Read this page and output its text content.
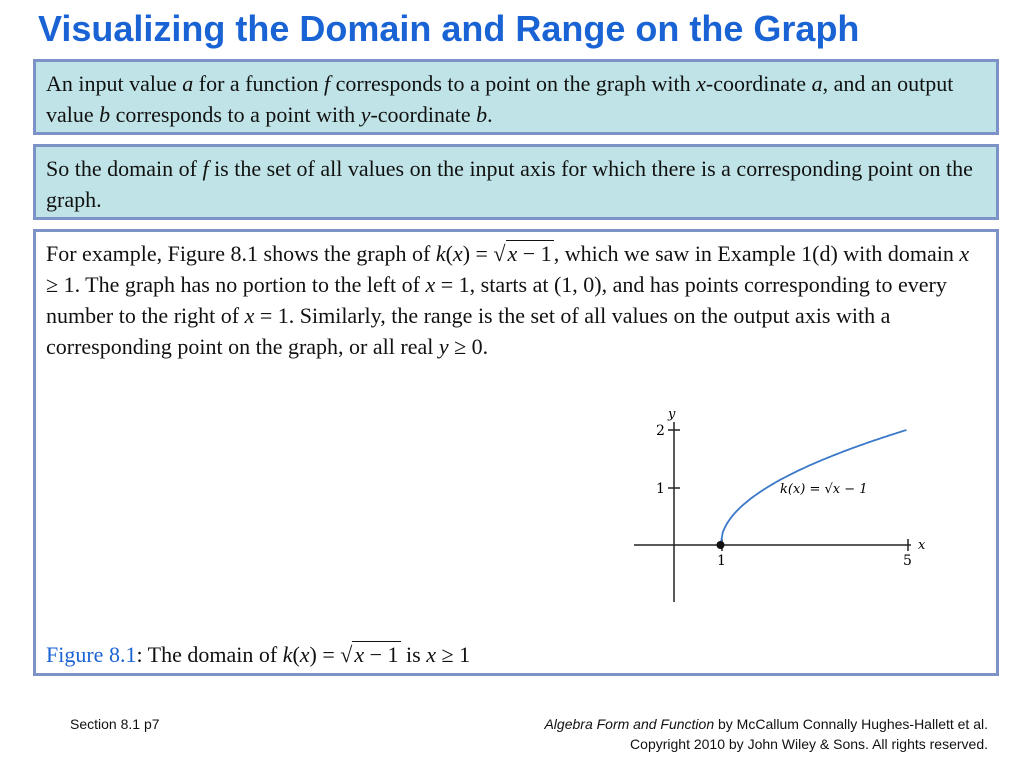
Visualizing the Domain and Range on the Graph
An input value a for a function f corresponds to a point on the graph with x-coordinate a, and an output value b corresponds to a point with y-coordinate b.
So the domain of f is the set of all values on the input axis for which there is a corresponding point on the graph.
For example, Figure 8.1 shows the graph of k(x) = √x − 1, which we saw in Example 1(d) with domain x ≥ 1. The graph has no portion to the left of x = 1, starts at (1, 0), and has points corresponding to every number to the right of x = 1. Similarly, the range is the set of all values on the output axis with a corresponding point on the graph, or all real y ≥ 0.
y
x
2
1
1	5
k(x) = √x − 1
Figure 8.1: The domain of k(x) = √x − 1 is x ≥ 1
Section 8.1 p7	Algebra Form and Function by McCallum Connally Hughes-Hallett et al.
Copyright 2010 by John Wiley & Sons. All rights reserved.
